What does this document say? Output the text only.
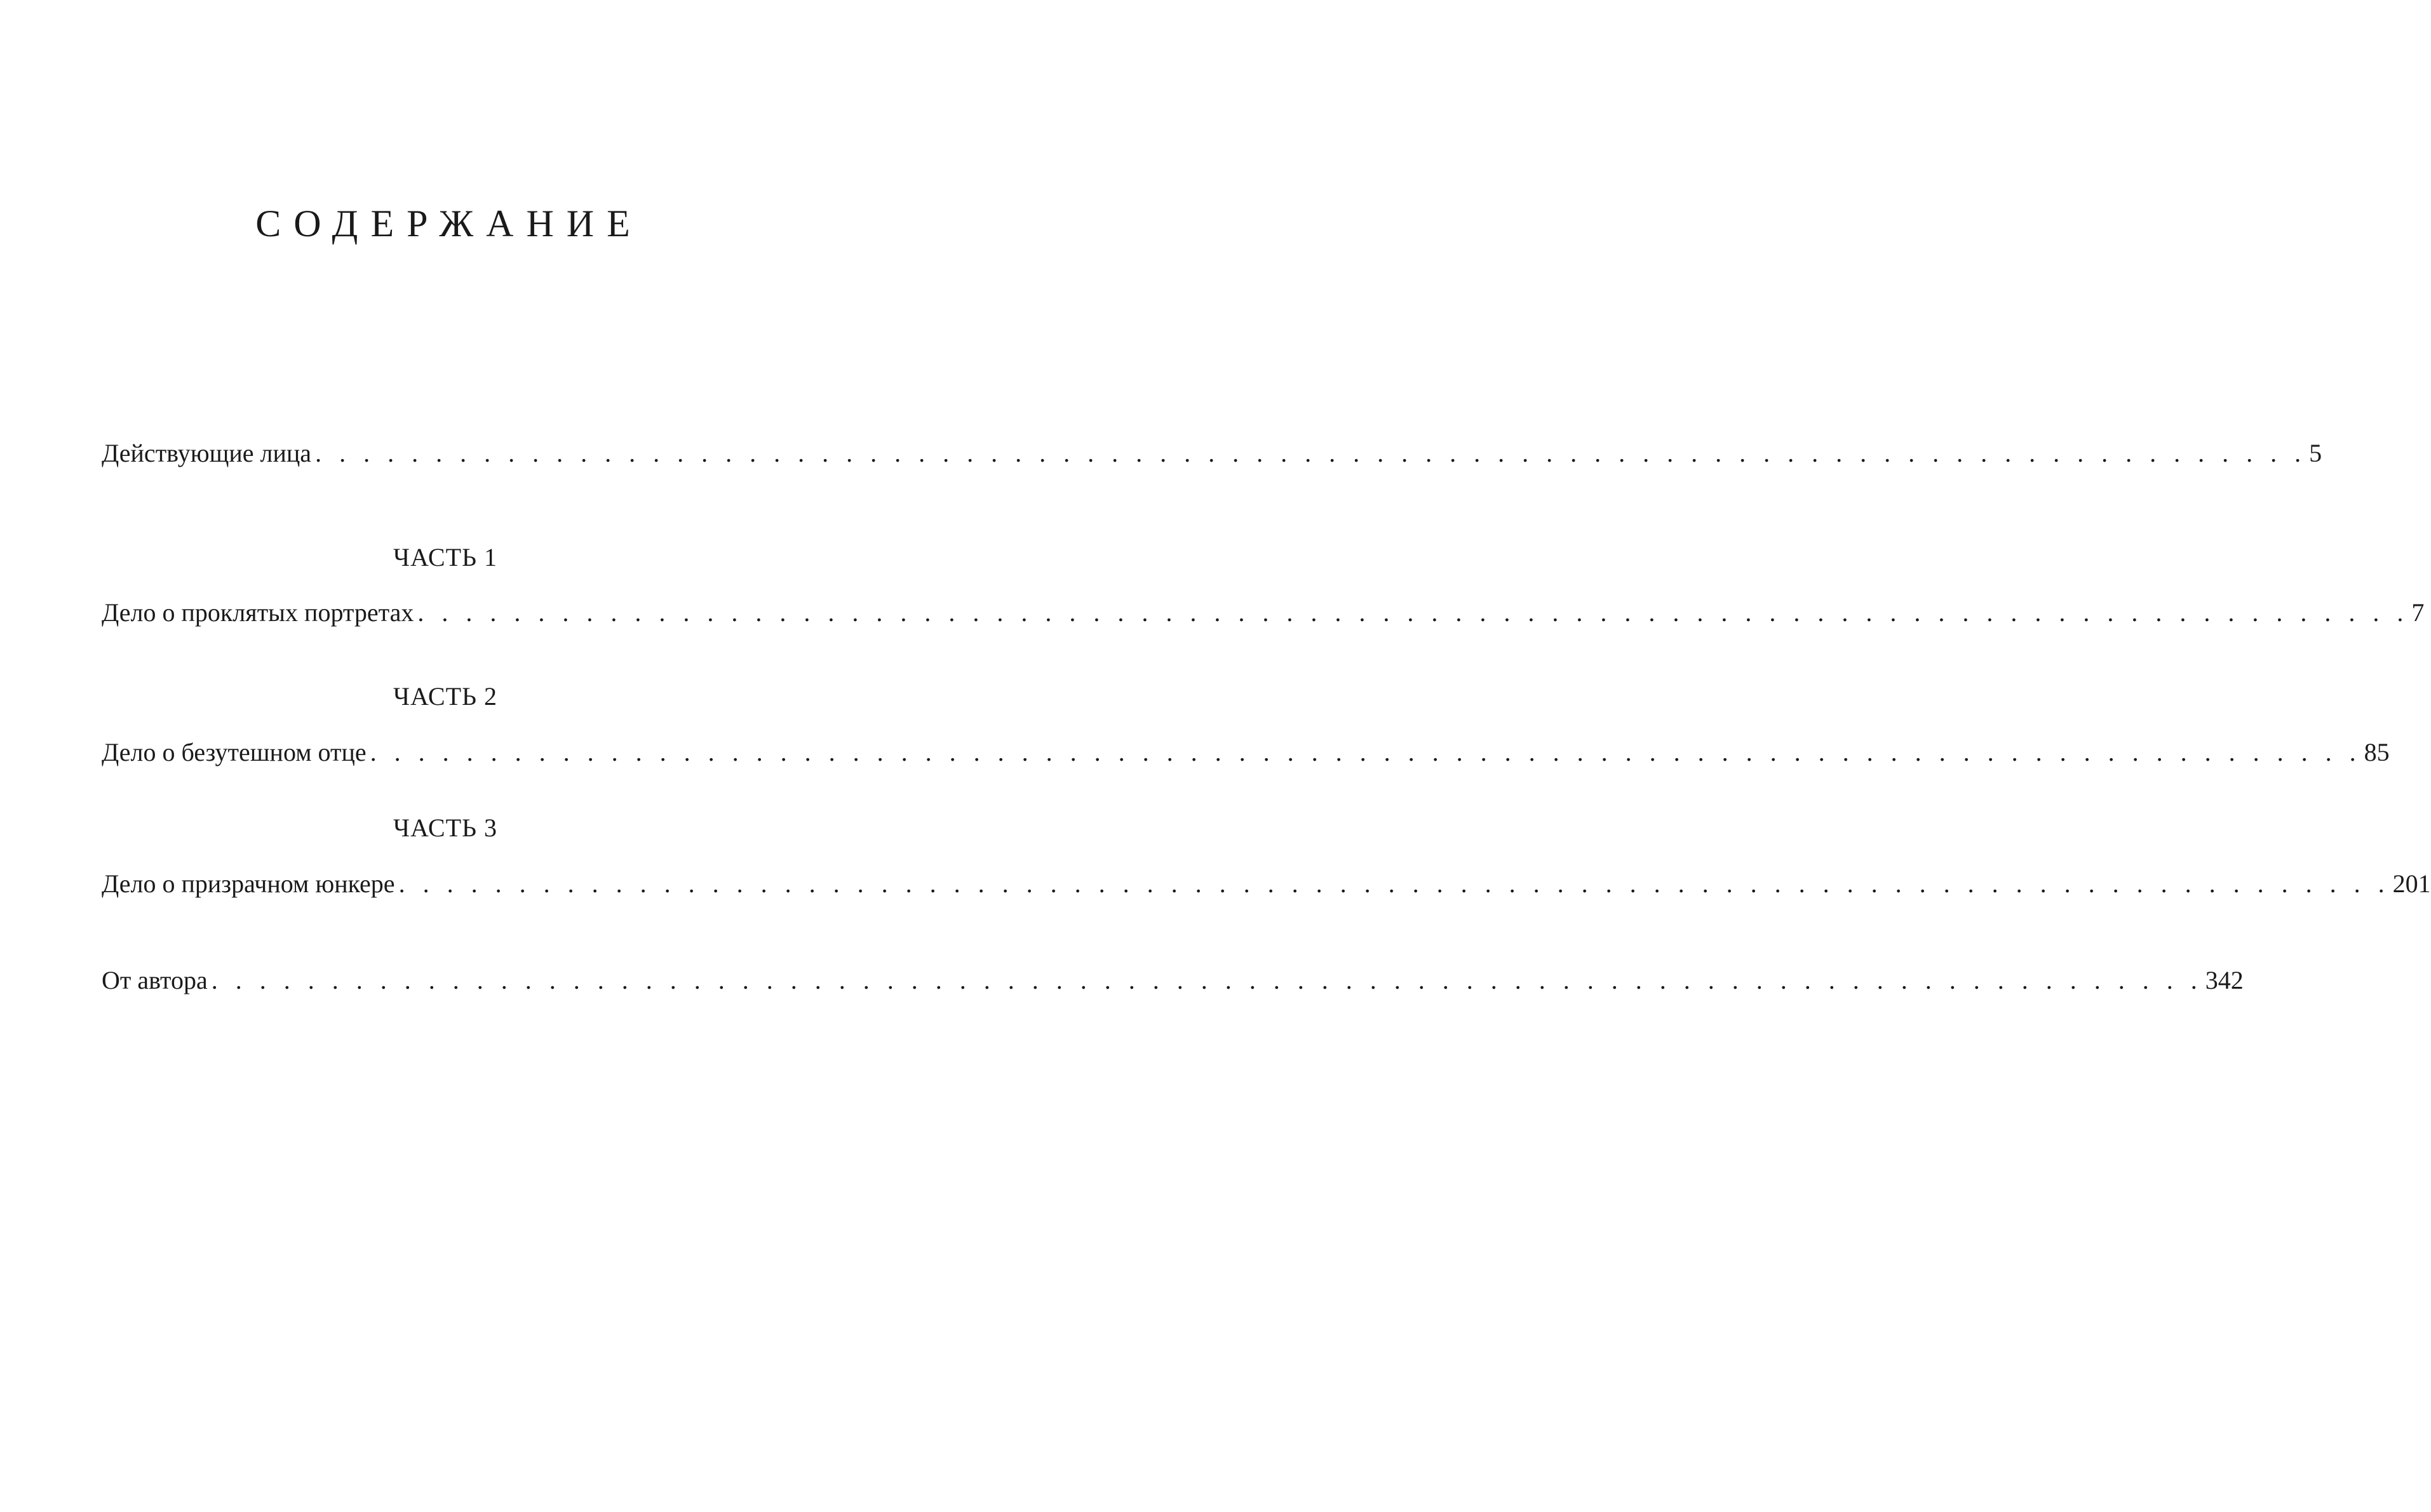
СОДЕРЖАНИЕ
Действующие лица . . . . . . . . . . . . . . . . . . . . . . . . . . . . . . . . . . . . . . . . . . . . . . . . . . . . . . . . . . . . . . . . . . . . . . . . . . . . . . . . . . . 5
ЧАСТЬ 1
Дело о проклятых портретах . . . . . . . . . . . . . . . . . . . . . . . . . . . . . . . . . . . . . . . . . . . . . . . . . . . . . . . . . . . . . . . . . . . . . . . . . . . . . . . . . . . 7
ЧАСТЬ 2
Дело о безутешном отце . . . . . . . . . . . . . . . . . . . . . . . . . . . . . . . . . . . . . . . . . . . . . . . . . . . . . . . . . . . . . . . . . . . . . . . . . . . . . . . . . . . 85
ЧАСТЬ 3
Дело о призрачном юнкере . . . . . . . . . . . . . . . . . . . . . . . . . . . . . . . . . . . . . . . . . . . . . . . . . . . . . . . . . . . . . . . . . . . . . . . . . . . . . . . . . . . 201
От автора . . . . . . . . . . . . . . . . . . . . . . . . . . . . . . . . . . . . . . . . . . . . . . . . . . . . . . . . . . . . . . . . . . . . . . . . . . . . . . . . . . . 342
